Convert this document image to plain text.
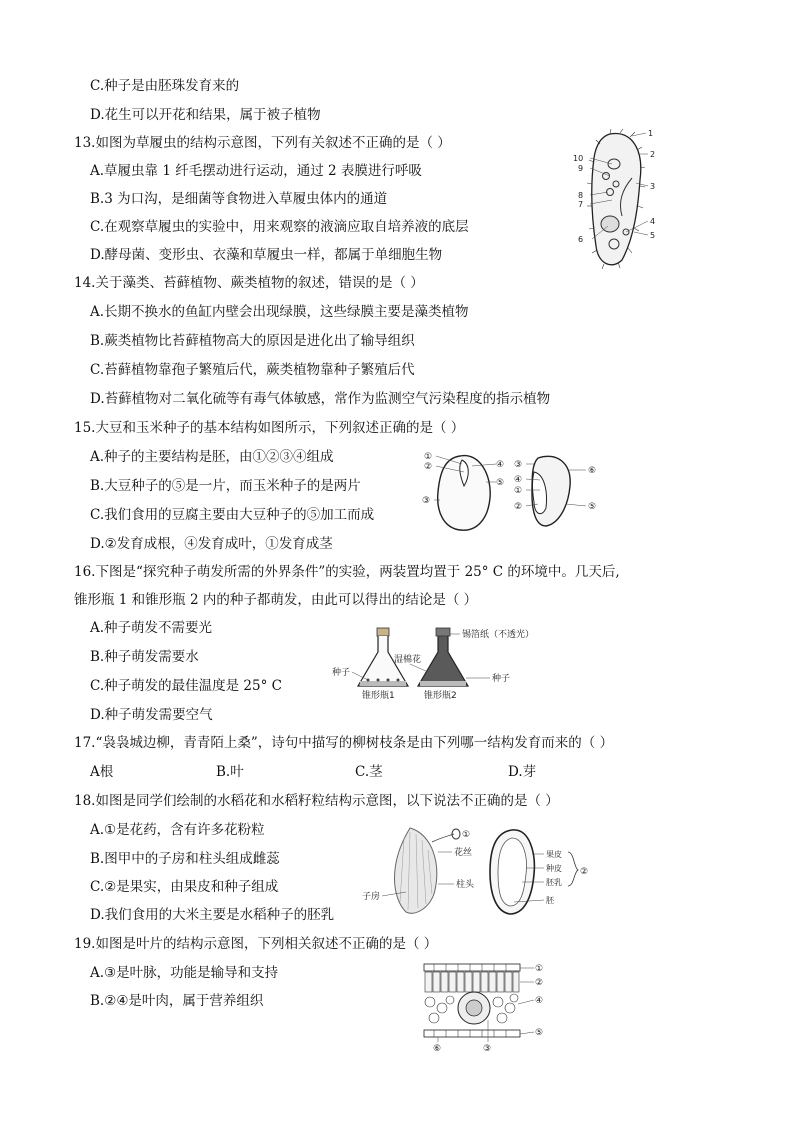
C.种子是由胚珠发育来的
D.花生可以开花和结果，属于被子植物
13.如图为草履虫的结构示意图，下列有关叙述不正确的是（ ）
A.草履虫靠 1 纤毛摆动进行运动，通过 2 表膜进行呼吸
B.3 为口沟，是细菌等食物进入草履虫体内的通道
C.在观察草履虫的实验中，用来观察的液滴应取自培养液的底层
D.酵母菌、变形虫、衣藻和草履虫一样，都属于单细胞生物
1
2
3
4
5
6
7
8
9
10
14.关于藻类、苔藓植物、蕨类植物的叙述，错误的是（ ）
A.长期不换水的鱼缸内壁会出现绿膜，这些绿膜主要是藻类植物
B.蕨类植物比苔藓植物高大的原因是进化出了输导组织
C.苔藓植物靠孢子繁殖后代，蕨类植物靠种子繁殖后代
D.苔藓植物对二氧化硫等有毒气体敏感，常作为监测空气污染程度的指示植物
15.大豆和玉米种子的基本结构如图所示，下列叙述正确的是（ ）
A.种子的主要结构是胚，由①②③④组成
B.大豆种子的⑤是一片，而玉米种子的是两片
C.我们食用的豆腐主要由大豆种子的⑤加工而成
D.②发育成根，④发育成叶，①发育成茎
①
②
③
④
⑤
③
⑥
④
①
②	⑤
16.下图是“探究种子萌发所需的外界条件”的实验，两装置均置于 25° C 的环境中。几天后,
锥形瓶 1 和锥形瓶 2 内的种子都萌发，由此可以得出的结论是（ ）
A.种子萌发不需要光
B.种子萌发需要水
C.种子萌发的最佳温度是 25° C
D.种子萌发需要空气
种子
锥形瓶1
湿棉花
锡箔纸（不透光）
种子
锥形瓶2
17.“袅袅城边柳，青青陌上桑”，诗句中描写的柳树枝条是由下列哪一结构发育而来的（ ）
A根	B.叶	C.茎	D.芽
18.如图是同学们绘制的水稻花和水稻籽粒结构示意图，以下说法不正确的是（ ）
A.①是花药，含有许多花粉粒
B.图甲中的子房和柱头组成雌蕊
C.②是果实，由果皮和种子组成
D.我们食用的大米主要是水稻种子的胚乳
①
花丝
柱头
子房
果皮
种皮
胚乳
胚
②
19.如图是叶片的结构示意图，下列相关叙述不正确的是（ ）
A.③是叶脉，功能是输导和支持
B.②④是叶肉，属于营养组织
①
②
④
⑤
⑥	③
